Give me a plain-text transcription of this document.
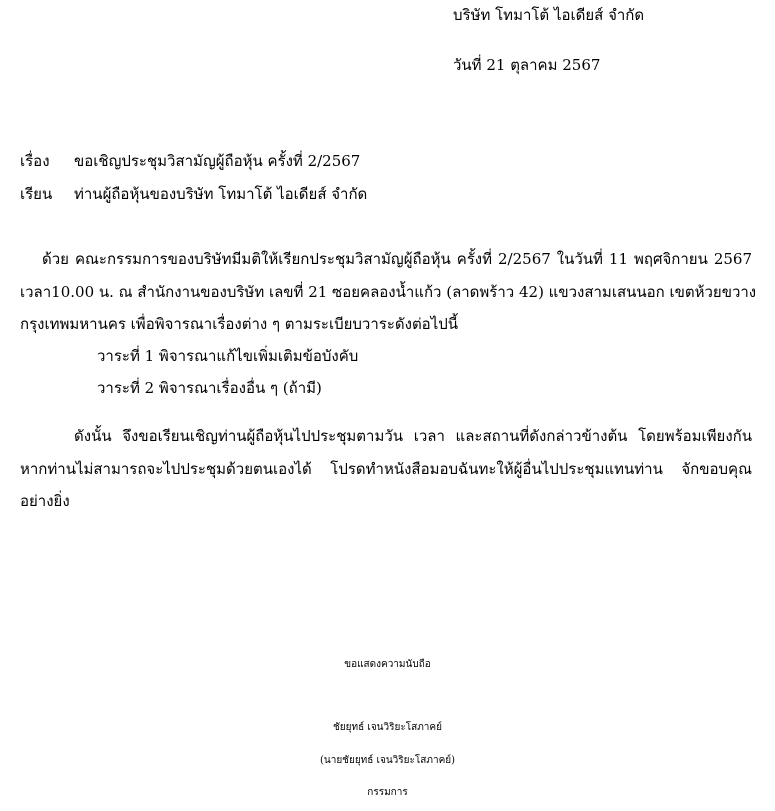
บริษัท โทมาโต้ ไอเดียส์ จำกัด
วันที่ 21 ตุลาคม 2567
เรื่อง ขอเชิญประชุมวิสามัญผู้ถือหุ้น ครั้งที่ 2/2567
เรียน ท่านผู้ถือหุ้นของบริษัท โทมาโต้ ไอเดียส์ จำกัด
ด้วย คณะกรรมการของบริษัทมีมติให้เรียกประชุมวิสามัญผู้ถือหุ้น ครั้งที่ 2/2567 ในวันที่ 11 พฤศจิกายน 2567
เวลา10.00 น. ณ สำนักงานของบริษัท เลขที่ 21 ซอยคลองน้ำแก้ว (ลาดพร้าว 42) แขวงสามเสนนอก เขตห้วยขวาง
กรุงเทพมหานคร เพื่อพิจารณาเรื่องต่าง ๆ ตามระเบียบวาระดังต่อไปนี้
วาระที่ 1 พิจารณาแก้ไขเพิ่มเติมข้อบังคับ
วาระที่ 2 พิจารณาเรื่องอื่น ๆ (ถ้ามี)
ดังนั้น จึงขอเรียนเชิญท่านผู้ถือหุ้นไปประชุมตามวัน เวลา และสถานที่ดังกล่าวข้างต้น โดยพร้อมเพียงกัน
หากท่านไม่สามารถจะไปประชุมด้วยตนเองได้ โปรดทำหนังสือมอบฉันทะให้ผู้อื่นไปประชุมแทนท่าน จักขอบคุณ
อย่างยิ่ง
ขอแสดงความนับถือ
ชัยยุทธ์ เจนวิริยะโสภาคย์
(นายชัยยุทธ์ เจนวิริยะโสภาคย์)
กรรมการ
